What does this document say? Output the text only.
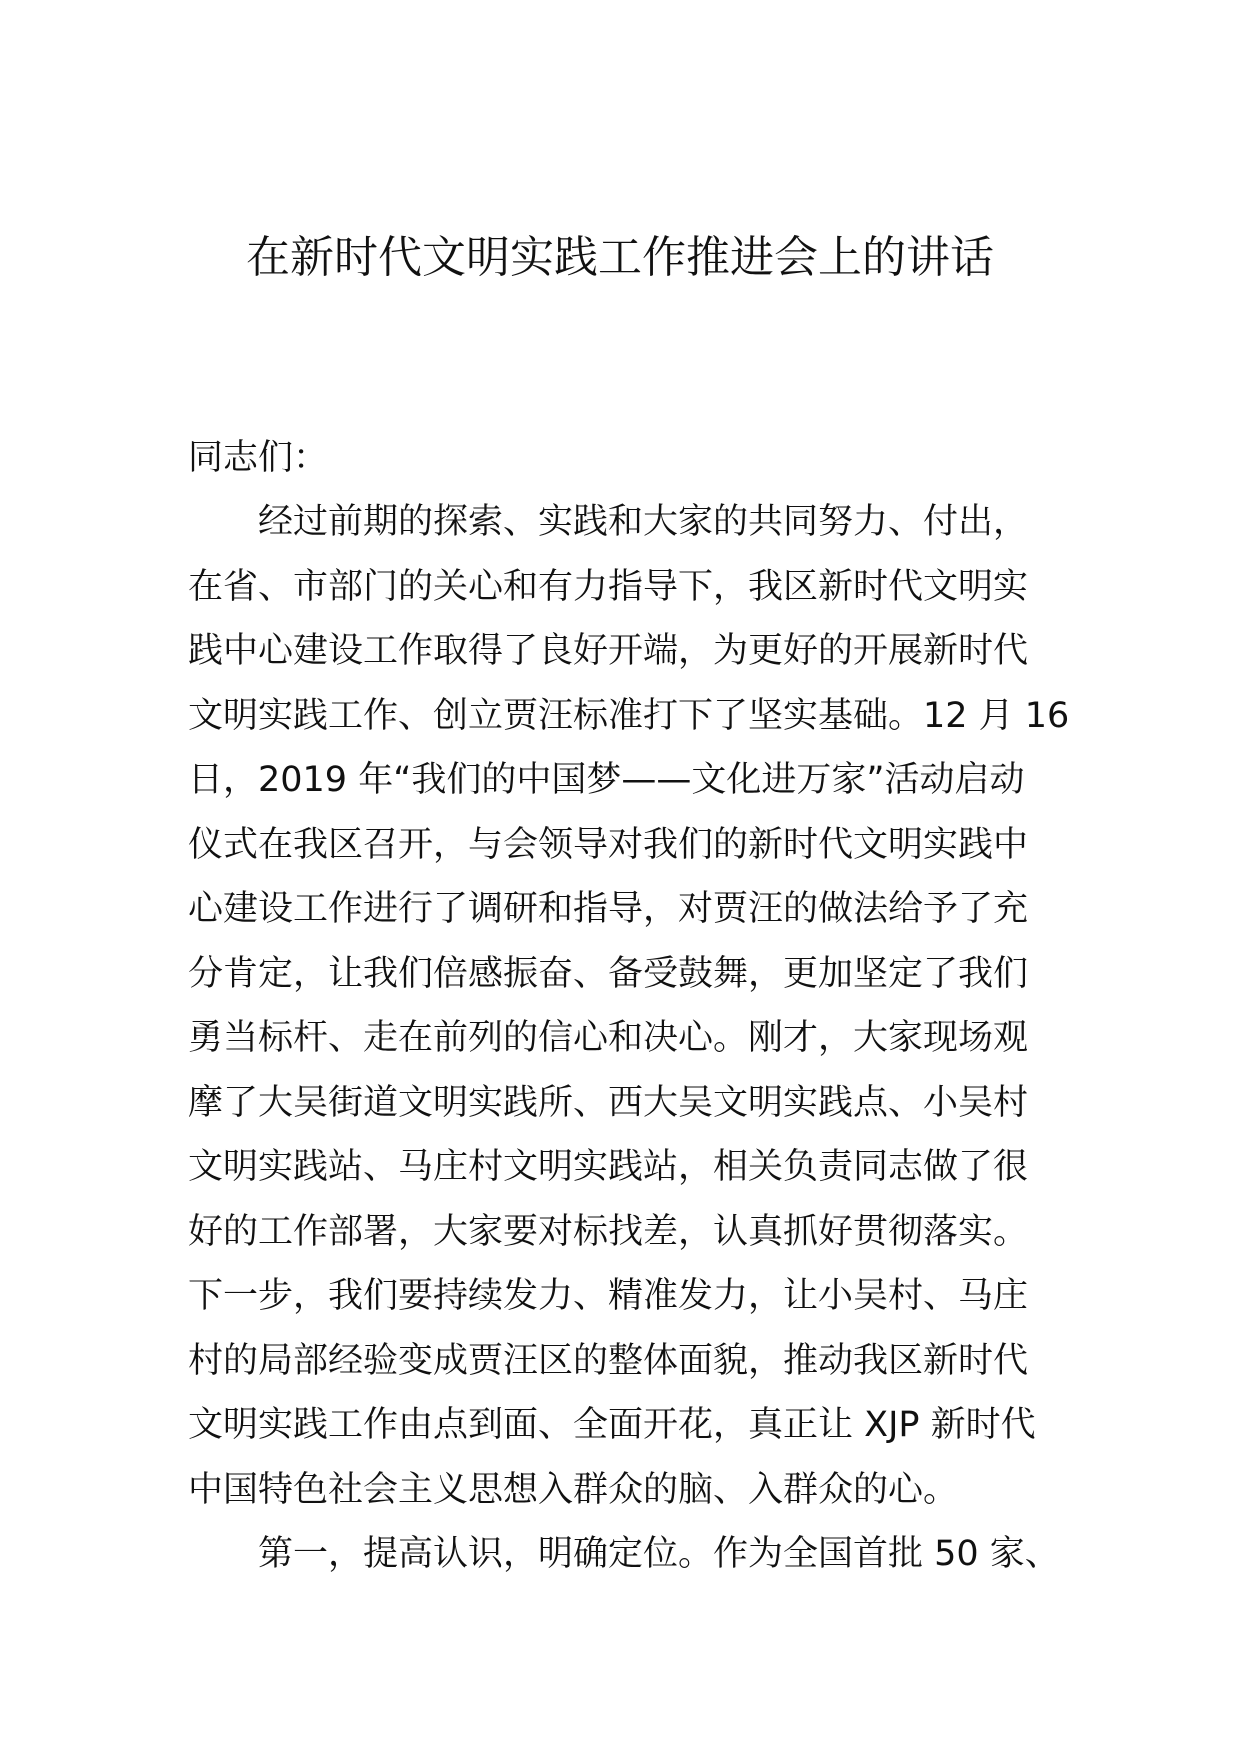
在新时代文明实践工作推进会上的讲话
同志们：
经过前期的探索、实践和大家的共同努力、付出，
在省、市部门的关心和有力指导下，我区新时代文明实
践中心建设工作取得了良好开端，为更好的开展新时代
文明实践工作、创立贾汪标准打下了坚实基础。12 月 16
日，2019 年“我们的中国梦——文化进万家”活动启动
仪式在我区召开，与会领导对我们的新时代文明实践中
心建设工作进行了调研和指导，对贾汪的做法给予了充
分肯定，让我们倍感振奋、备受鼓舞，更加坚定了我们
勇当标杆、走在前列的信心和决心。刚才，大家现场观
摩了大吴街道文明实践所、西大吴文明实践点、小吴村
文明实践站、马庄村文明实践站，相关负责同志做了很
好的工作部署，大家要对标找差，认真抓好贯彻落实。
下一步，我们要持续发力、精准发力，让小吴村、马庄
村的局部经验变成贾汪区的整体面貌，推动我区新时代
文明实践工作由点到面、全面开花，真正让 XJP 新时代
中国特色社会主义思想入群众的脑、入群众的心。
第一，提高认识，明确定位。作为全国首批 50 家、
